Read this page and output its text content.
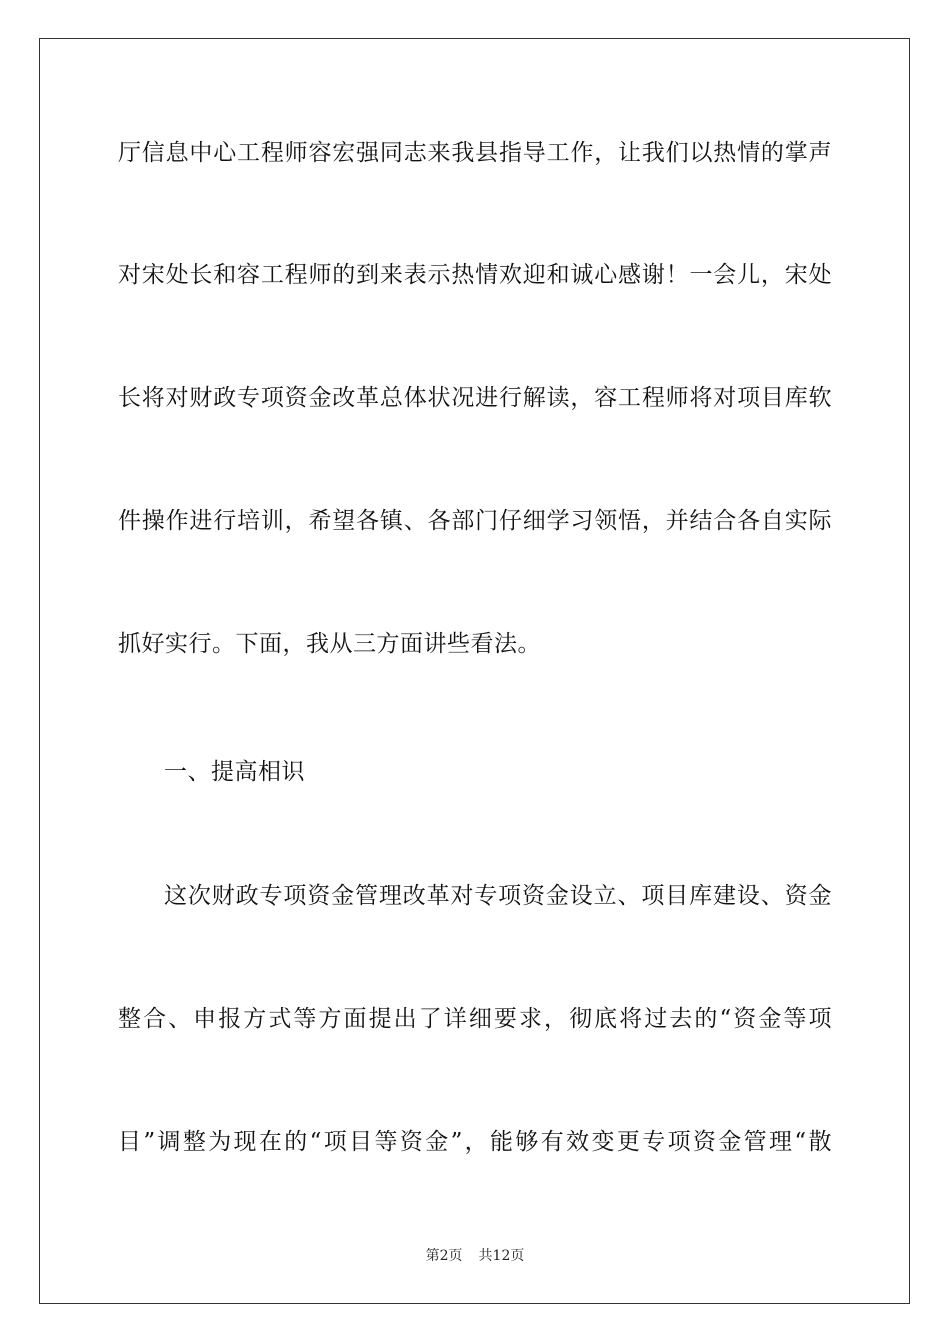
厅信息中心工程师容宏强同志来我县指导工作，让我们以热情的掌声
对宋处长和容工程师的到来表示热情欢迎和诚心感谢！一会儿，宋处
长将对财政专项资金改革总体状况进行解读，容工程师将对项目库软
件操作进行培训，希望各镇、各部门仔细学习领悟，并结合各自实际
抓好实行。下面，我从三方面讲些看法。
一、提高相识
这次财政专项资金管理改革对专项资金设立、项目库建设、资金
整合、申报方式等方面提出了详细要求，彻底将过去的“资金等项
目”调整为现在的“项目等资金”，能够有效变更专项资金管理“散
第2页 共12页
